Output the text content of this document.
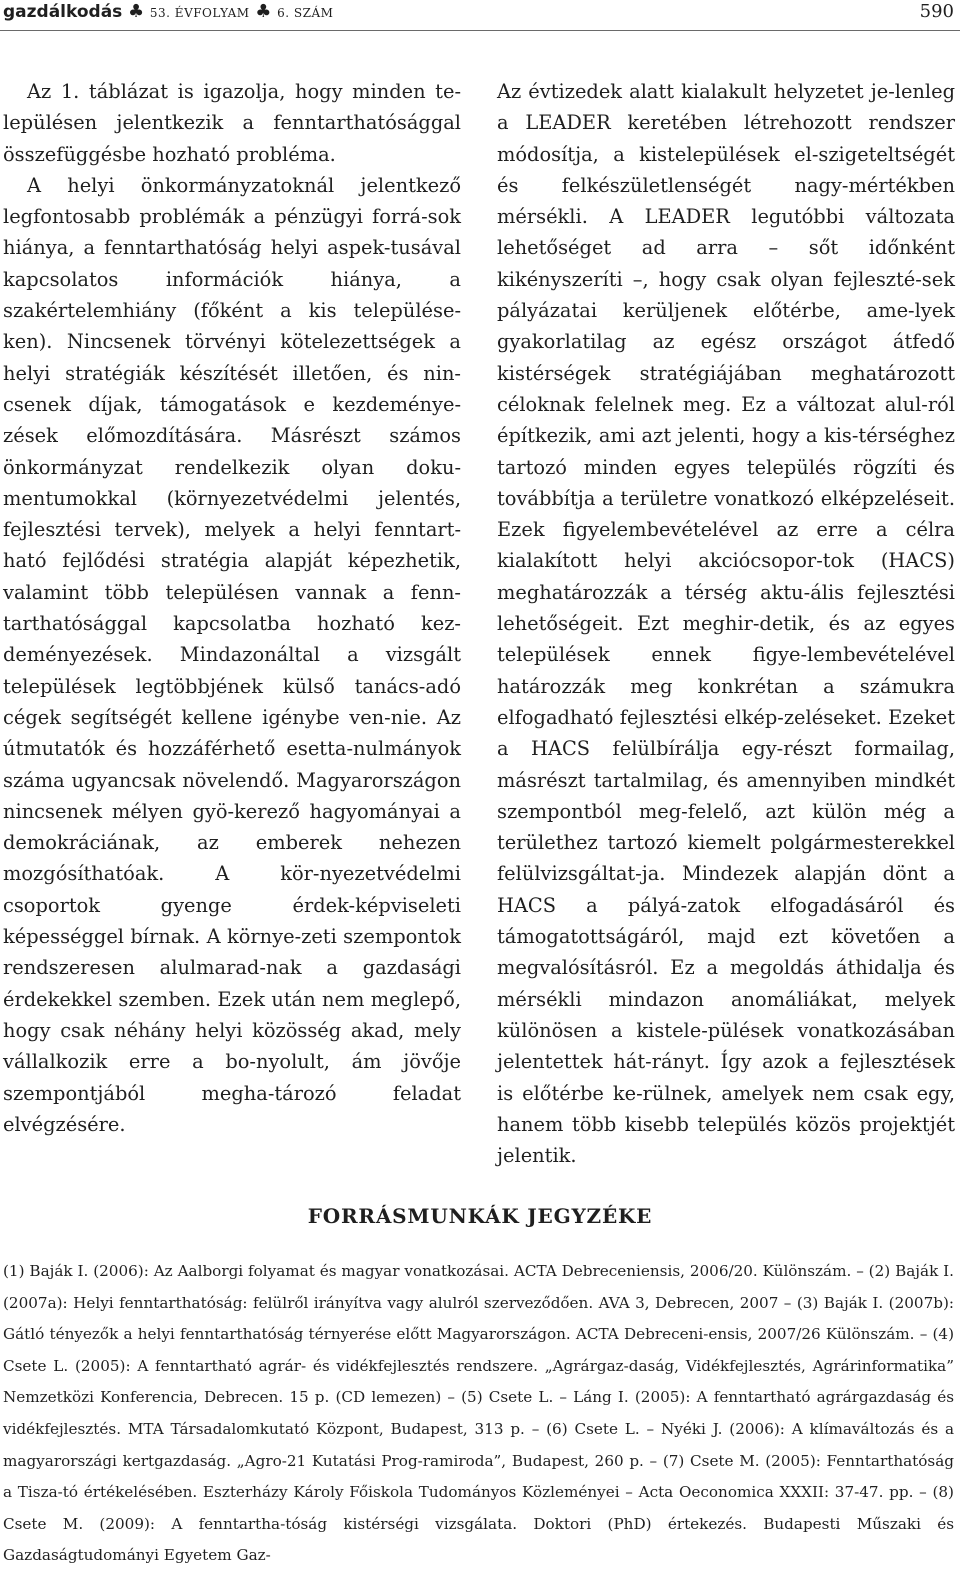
gazdálkodás ♣ 53. ÉVFOLYAM ♣ 6. SZÁM	590

Az 1. táblázat is igazolja, hogy minden te-lepülésen jelentkezik a fenntarthatósággal összefüggésbe hozható probléma.

A helyi önkormányzatoknál jelentkező legfontosabb problémák a pénzügyi forrá-sok hiánya, a fenntarthatóság helyi aspek-tusával kapcsolatos információk hiánya, a szakértelemhiány (főként a kis települése-ken). Nincsenek törvényi kötelezettségek a helyi stratégiák készítését illetően, és nin-csenek díjak, támogatások e kezdeménye-zések előmozdítására. Másrészt számos önkormányzat rendelkezik olyan doku-mentumokkal (környezetvédelmi jelentés, fejlesztési tervek), melyek a helyi fenntart-ható fejlődési stratégia alapját képezhetik, valamint több településen vannak a fenn-tarthatósággal kapcsolatba hozható kez-deményezések. Mindazonáltal a vizsgált települések legtöbbjének külső tanács-adó cégek segítségét kellene igénybe ven-nie. Az útmutatók és hozzáférhető esetta-nulmányok száma ugyancsak növelendő. Magyarországon nincsenek mélyen gyö-kerező hagyományai a demokráciának, az emberek nehezen mozgósíthatóak. A kör-nyezetvédelmi csoportok gyenge érdek-képviseleti képességgel bírnak. A környe-zeti szempontok rendszeresen alulmarad-nak a gazdasági érdekekkel szemben. Ezek után nem meglepő, hogy csak néhány helyi közösség akad, mely vállalkozik erre a bo-nyolult, ám jövője szempontjából megha-tározó feladat elvégzésére.

Az évtizedek alatt kialakult helyzetet je-lenleg a LEADER keretében létrehozott rendszer módosítja, a kistelepülések el-szigeteltségét és felkészületlenségét nagy-mértékben mérsékli. A LEADER legutóbbi változata lehetőséget ad arra – sőt időnként kikényszeríti –, hogy csak olyan fejleszté-sek pályázatai kerüljenek előtérbe, ame-lyek gyakorlatilag az egész országot átfedő kistérségek stratégiájában meghatározott céloknak felelnek meg. Ez a változat alul-ról építkezik, ami azt jelenti, hogy a kis-térséghez tartozó minden egyes település rögzíti és továbbítja a területre vonatkozó elképzeléseit. Ezek figyelembevételével az erre a célra kialakított helyi akciócsopor-tok (HACS) meghatározzák a térség aktu-ális fejlesztési lehetőségeit. Ezt meghir-detik, és az egyes települések ennek figye-lembevételével határozzák meg konkrétan a számukra elfogadható fejlesztési elkép-zeléseket. Ezeket a HACS felülbírálja egy-részt formailag, másrészt tartalmilag, és amennyiben mindkét szempontból meg-felelő, azt külön még a területhez tartozó kiemelt polgármesterekkel felülvizsgáltat-ja. Mindezek alapján dönt a HACS a pályá-zatok elfogadásáról és támogatottságáról, majd ezt követően a megvalósításról. Ez a megoldás áthidalja és mérsékli mindazon anomáliákat, melyek különösen a kistele-pülések vonatkozásában jelentettek hát-rányt. Így azok a fejlesztések is előtérbe ke-rülnek, amelyek nem csak egy, hanem több kisebb település közös projektjét jelentik.

FORRÁSMUNKÁK JEGYZÉKE
(1) Baják I. (2006): Az Aalborgi folyamat és magyar vonatkozásai. ACTA Debreceniensis, 2006/20. Különszám. – (2) Baják I. (2007a): Helyi fenntarthatóság: felülről irányítva vagy alulról szerveződően. AVA 3, Debrecen, 2007 – (3) Baják I. (2007b): Gátló tényezők a helyi fenntarthatóság térnyerése előtt Magyarországon. ACTA Debreceni-ensis, 2007/26 Különszám. – (4) Csete L. (2005): A fenntartható agrár- és vidékfejlesztés rendszere. „Agrárgaz-daság, Vidékfejlesztés, Agrárinformatika” Nemzetközi Konferencia, Debrecen. 15 p. (CD lemezen) – (5) Csete L. – Láng I. (2005): A fenntartható agrárgazdaság és vidékfejlesztés. MTA Társadalomkutató Központ, Budapest, 313 p. – (6) Csete L. – Nyéki J. (2006): A klímaváltozás és a magyarországi kertgazdaság. „Agro-21 Kutatási Prog-ramiroda”, Budapest, 260 p. – (7) Csete M. (2005): Fenntarthatóság a Tisza-tó értékelésében. Eszterházy Károly Főiskola Tudományos Közleményei – Acta Oeconomica XXXII: 37-47. pp. – (8) Csete M. (2009): A fenntartha-tóság kistérségi vizsgálata. Doktori (PhD) értekezés. Budapesti Műszaki és Gazdaságtudományi Egyetem Gaz-
